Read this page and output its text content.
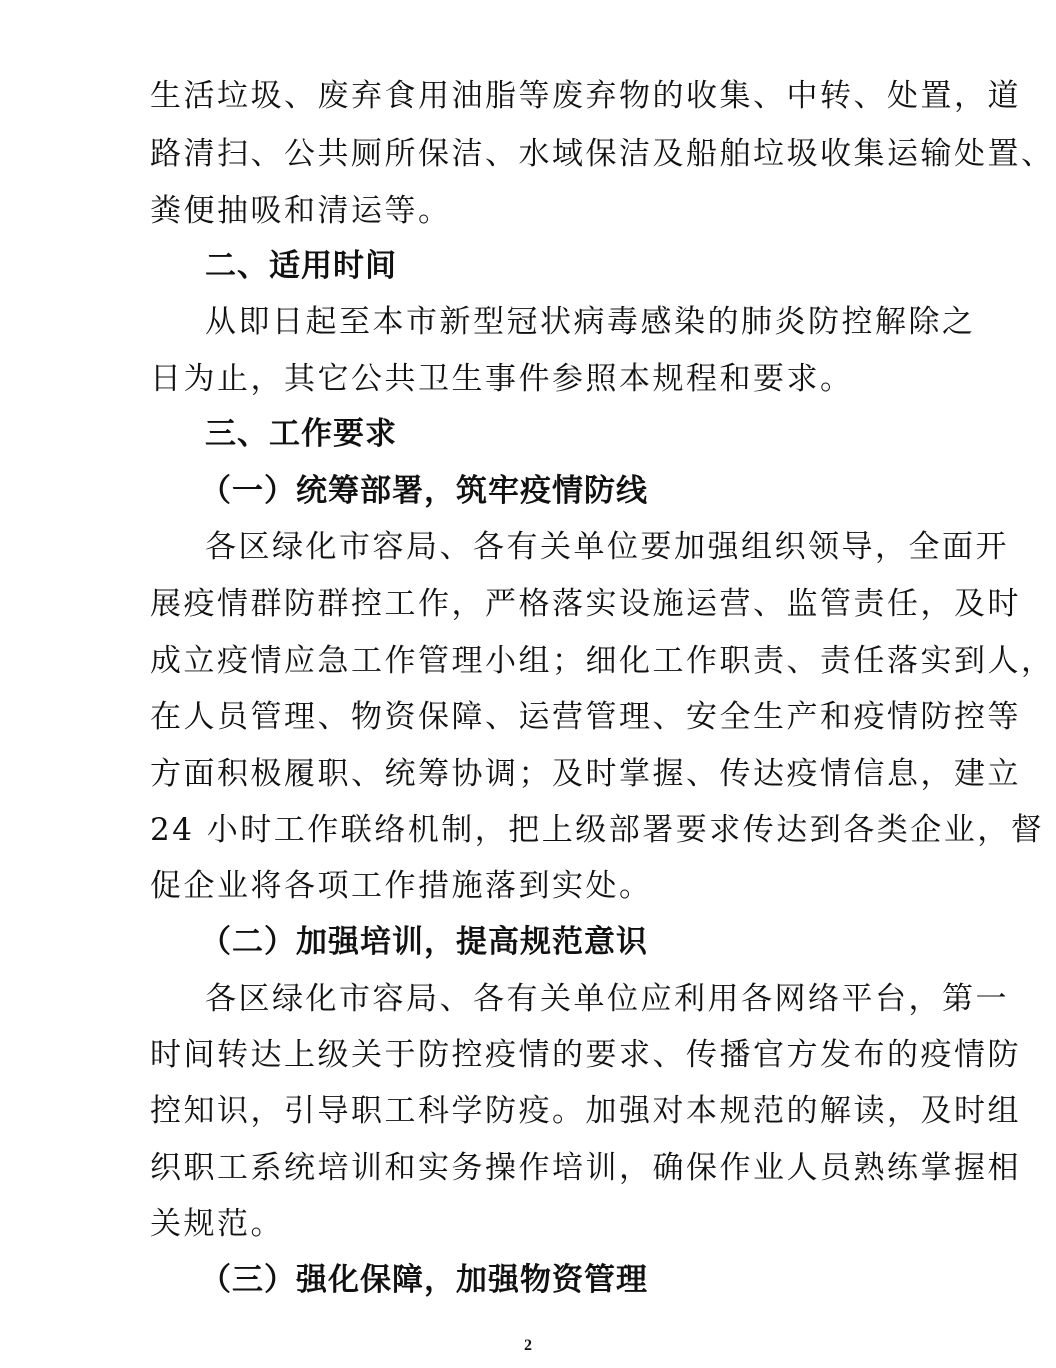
生活垃圾、废弃食用油脂等废弃物的收集、中转、处置，道
路清扫、公共厕所保洁、水域保洁及船舶垃圾收集运输处置、
粪便抽吸和清运等。
二、适用时间
从即日起至本市新型冠状病毒感染的肺炎防控解除之
日为止，其它公共卫生事件参照本规程和要求。
三、工作要求
（一）统筹部署，筑牢疫情防线
各区绿化市容局、各有关单位要加强组织领导，全面开
展疫情群防群控工作，严格落实设施运营、监管责任，及时
成立疫情应急工作管理小组；细化工作职责、责任落实到人，
在人员管理、物资保障、运营管理、安全生产和疫情防控等
方面积极履职、统筹协调；及时掌握、传达疫情信息，建立
24 小时工作联络机制，把上级部署要求传达到各类企业，督
促企业将各项工作措施落到实处。
（二）加强培训，提高规范意识
各区绿化市容局、各有关单位应利用各网络平台，第一
时间转达上级关于防控疫情的要求、传播官方发布的疫情防
控知识，引导职工科学防疫。加强对本规范的解读，及时组
织职工系统培训和实务操作培训，确保作业人员熟练掌握相
关规范。
（三）强化保障，加强物资管理
2
